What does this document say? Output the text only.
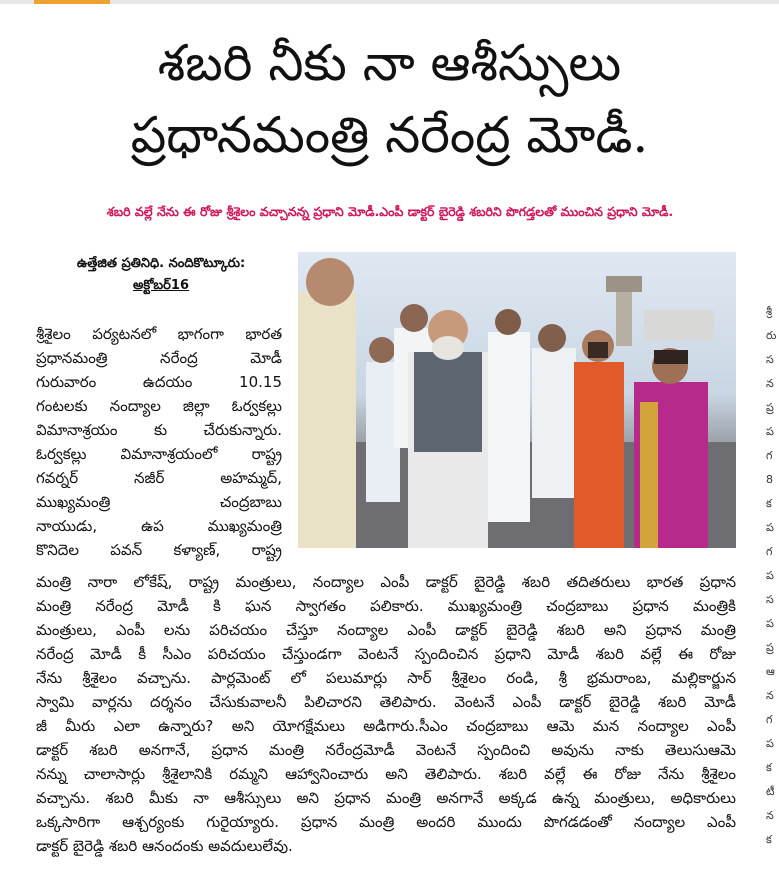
శబరి నీకు నా ఆశీస్సులు
ప్రధానమంత్రి నరేంద్ర మోడీ.
శబరి వల్లే నేను ఈ రోజు శ్రీశైలం వచ్చానన్న ప్రధాని మోడీ.ఎంపీ డాక్టర్ బైరెడ్డి శబరిని పొగడ్తలతో ముంచిన ప్రధాని మోడీ.
ఉత్తేజిత ప్రతినిధి. నందికొట్కూరు:
అక్టోబర్16
శ్రీశైలం పర్యటనలో భాగంగా భారత
ప్రధానమంత్రి నరేంద్ర మోడీ
గురువారం ఉదయం 10.15
గంటలకు నంద్యాల జిల్లా ఓర్వకల్లు
విమానాశ్రయం కు చేరుకున్నారు.
ఓర్వకల్లు విమానాశ్రయంలో రాష్ట్ర
గవర్నర్ నజీర్ అహమ్మద్,
ముఖ్యమంత్రి చంద్రబాబు
నాయుడు, ఉప ముఖ్యమంత్రి
కొనిదెల పవన్ కళ్యాణ్, రాష్ట్ర
మంత్రి నారా లోకేష్, రాష్ట్ర మంత్రులు, నంద్యాల ఎంపీ డాక్టర్ బైరెడ్డి శబరి తదితరులు భారత ప్రధాన
మంత్రి నరేంద్ర మోడీ కి ఘన స్వాగతం పలికారు. ముఖ్యమంత్రి చంద్రబాబు ప్రధాన మంత్రికి
మంత్రులు, ఎంపీ లను పరిచయం చేస్తూ నంద్యాల ఎంపీ డాక్టర్ బైరెడ్డి శబరి అని ప్రధాన మంత్రి
నరేంద్ర మోడీ కీ సీఎం పరిచయం చేస్తుండగా వెంటనే స్పందించిన ప్రధాని మోడీ శబరి వల్లే ఈ రోజు
నేను శ్రీశైలం వచ్చాను. పార్లమెంట్ లో పలుమార్లు సార్ శ్రీశైలం రండి, శ్రీ భ్రమరాంబ, మల్లికార్జున
స్వామి వార్లను దర్శనం చేసుకువాలనీ పిలిచారని తెలిపారు. వెంటనే ఎంపీ డాక్టర్ బైరెడ్డి శబరి మోడీ
జీ మీరు ఎలా ఉన్నారు? అని యోగక్షేమలు అడిగారు.సీఎం చంద్రబాబు ఆమె మన నంద్యాల ఎంపీ
డాక్టర్ శబరి అనగానే, ప్రధాన మంత్రి నరేంద్రమోడీ వెంటనే స్పందించి అవును నాకు తెలుసుఆమె
నన్ను చాలాసార్లు శ్రీశైలానికి రమ్మని ఆహ్వానించారు అని తెలిపారు. శబరి వల్లే ఈ రోజు నేను శ్రీశైలం
వచ్చాను. శబరి మీకు నా ఆశీస్సులు అని ప్రధాన మంత్రి అనగానే అక్కడ ఉన్న మంత్రులు, అధికారులు
ఒక్కసారిగా ఆశ్చర్యంకు గురైయ్యారు. ప్రధాన మంత్రి అందరి ముందు పొగడడంతో నంద్యాల ఎంపీ
డాక్టర్ బైరెడ్డి శబరి ఆనందంకు అవదులులేవు.
శ్రీ
రు
స
న
ప్ర
ప
గ
8
క
ప
గ
ప
స
ప
ప్ర
ఆ
న
గ
ప
క
టీ
న
క
